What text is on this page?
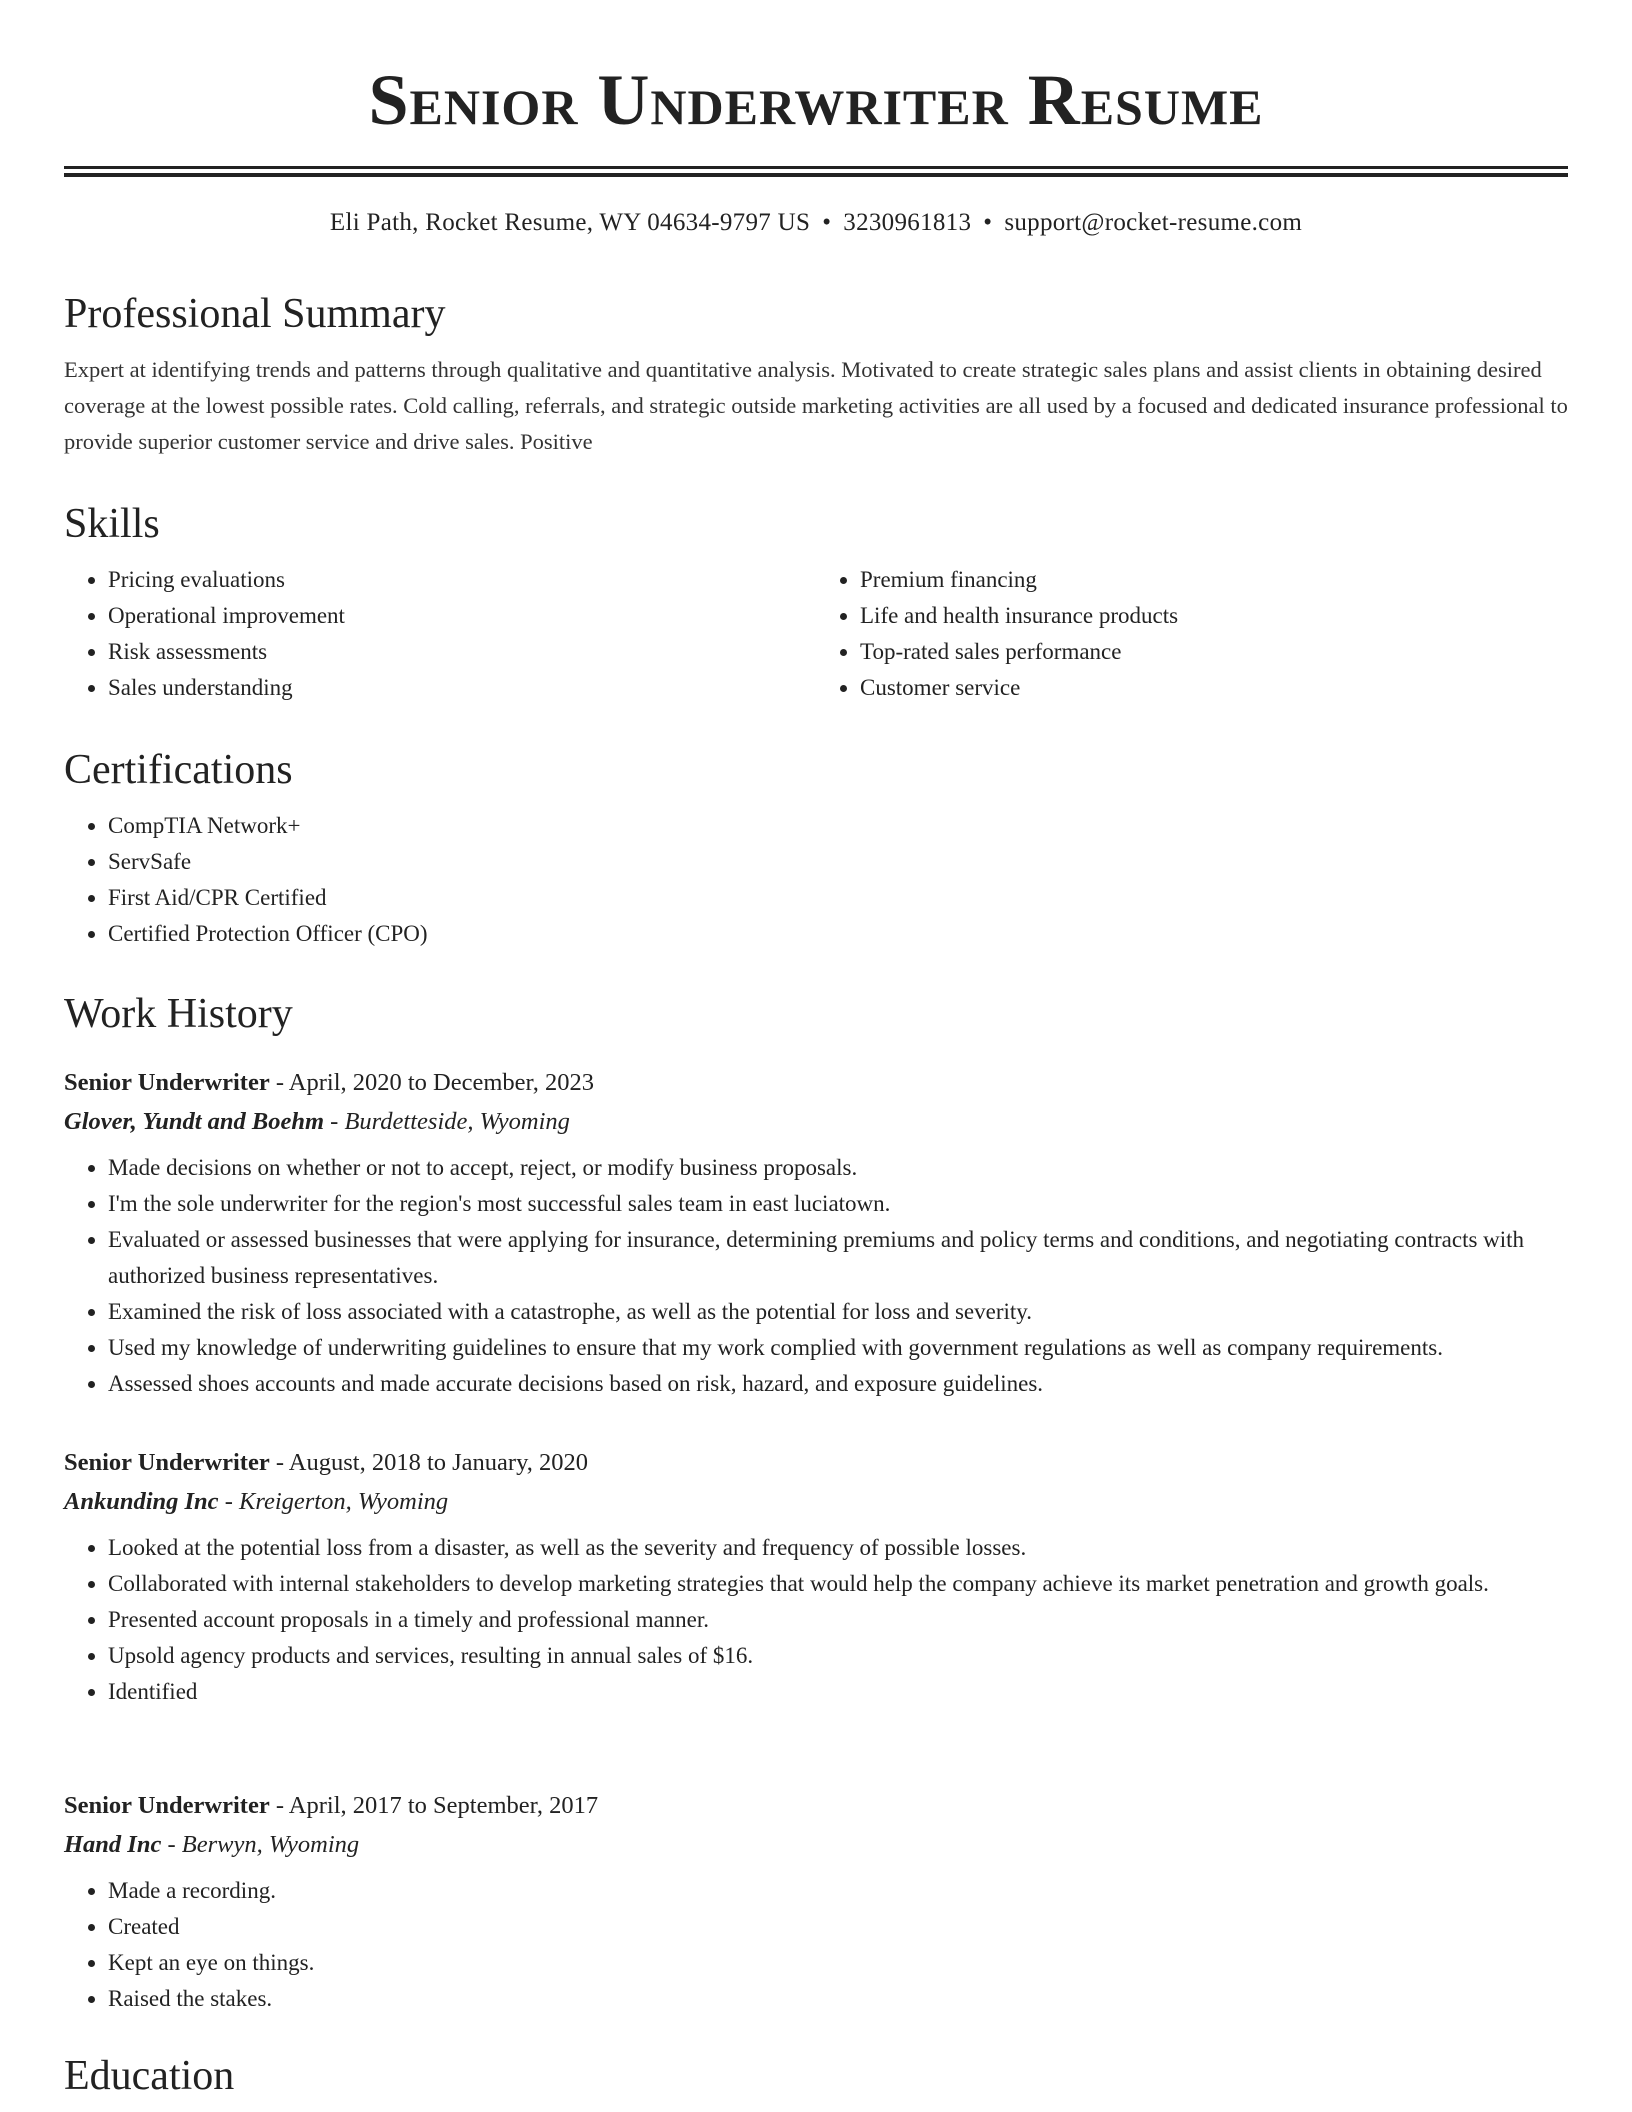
Senior Underwriter Resume
Eli Path, Rocket Resume, WY 04634-9797 US • 3230961813 • support@rocket-resume.com
Professional Summary

Expert at identifying trends and patterns through qualitative and quantitative analysis. Motivated to create strategic sales plans and assist clients in obtaining desired coverage at the lowest possible rates. Cold calling, referrals, and strategic outside marketing activities are all used by a focused and dedicated insurance professional to provide superior customer service and drive sales. Positive

Skills
• Pricing evaluations
• Operational improvement
• Risk assessments
• Sales understanding
• Premium financing
• Life and health insurance products
• Top-rated sales performance
• Customer service
Certifications
• CompTIA Network+
• ServSafe
• First Aid/CPR Certified
• Certified Protection Officer (CPO)
Work History
Senior Underwriter - April, 2020 to December, 2023
Glover, Yundt and Boehm - Burdetteside, Wyoming
• Made decisions on whether or not to accept, reject, or modify business proposals.
• I'm the sole underwriter for the region's most successful sales team in east luciatown.
• Evaluated or assessed businesses that were applying for insurance, determining premiums and policy terms and conditions, and negotiating contracts with authorized business representatives.
• Examined the risk of loss associated with a catastrophe, as well as the potential for loss and severity.
• Used my knowledge of underwriting guidelines to ensure that my work complied with government regulations as well as company requirements.
• Assessed shoes accounts and made accurate decisions based on risk, hazard, and exposure guidelines.
Senior Underwriter - August, 2018 to January, 2020
Ankunding Inc - Kreigerton, Wyoming
• Looked at the potential loss from a disaster, as well as the severity and frequency of possible losses.
• Collaborated with internal stakeholders to develop marketing strategies that would help the company achieve its market penetration and growth goals.
• Presented account proposals in a timely and professional manner.
• Upsold agency products and services, resulting in annual sales of $16.
• Identified
Senior Underwriter - April, 2017 to September, 2017
Hand Inc - Berwyn, Wyoming
• Made a recording.
• Created
• Kept an eye on things.
• Raised the stakes.
Education
